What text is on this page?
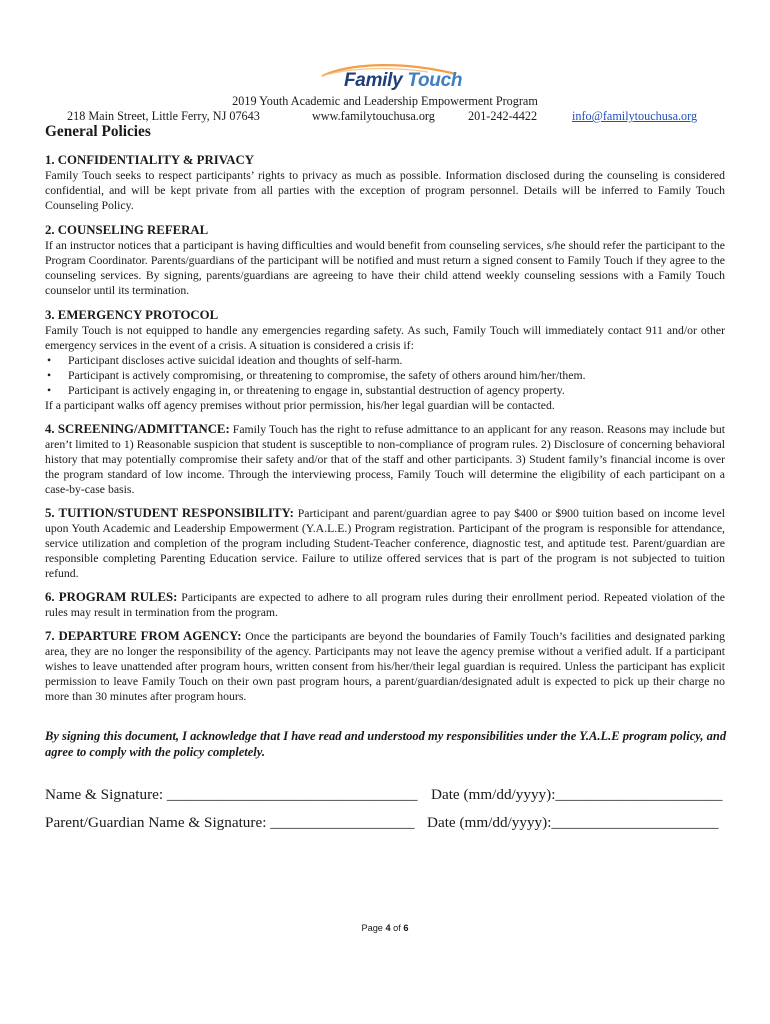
Family Touch
2019 Youth Academic and Leadership Empowerment Program
218 Main Street, Little Ferry, NJ 07643	www.familytouchusa.org	201-242-4422	info@familytouchusa.org
General Policies
1. CONFIDENTIALITY & PRIVACY

Family Touch seeks to respect participants’ rights to privacy as much as possible. Information disclosed during the counseling is considered confidential, and will be kept private from all parties with the exception of program personnel. Details will be inferred to Family Touch Counseling Policy.

2. COUNSELING REFERAL

If an instructor notices that a participant is having difficulties and would benefit from counseling services, s/he should refer the participant to the Program Coordinator. Parents/guardians of the participant will be notified and must return a signed consent to Family Touch if they agree to the counseling services. By signing, parents/guardians are agreeing to have their child attend weekly counseling sessions with a Family Touch counselor until its termination.

3. EMERGENCY PROTOCOL

Family Touch is not equipped to handle any emergencies regarding safety. As such, Family Touch will immediately contact 911 and/or other emergency services in the event of a crisis. A situation is considered a crisis if:

• Participant discloses active suicidal ideation and thoughts of self-harm.
• Participant is actively compromising, or threatening to compromise, the safety of others around him/her/them.
• Participant is actively engaging in, or threatening to engage in, substantial destruction of agency property.

If a participant walks off agency premises without prior permission, his/her legal guardian will be contacted.

4. SCREENING/ADMITTANCE: Family Touch has the right to refuse admittance to an applicant for any reason. Reasons may include but aren’t limited to 1) Reasonable suspicion that student is susceptible to non-compliance of program rules. 2) Disclosure of concerning behavioral history that may potentially compromise their safety and/or that of the staff and other participants. 3) Student family’s financial income is over the program standard of low income. Through the interviewing process, Family Touch will determine the eligibility of each participant on a case-by-case basis.

5. TUITION/STUDENT RESPONSIBILITY: Participant and parent/guardian agree to pay $400 or $900 tuition based on income level upon Youth Academic and Leadership Empowerment (Y.A.L.E.) Program registration. Participant of the program is responsible for attendance, service utilization and completion of the program including Student-Teacher conference, diagnostic test, and aptitude test. Parent/guardian are responsible completing Parenting Education service. Failure to utilize offered services that is part of the program is not subjected to tuition refund.

6. PROGRAM RULES: Participants are expected to adhere to all program rules during their enrollment period. Repeated violation of the rules may result in termination from the program.

7. DEPARTURE FROM AGENCY: Once the participants are beyond the boundaries of Family Touch’s facilities and designated parking area, they are no longer the responsibility of the agency. Participants may not leave the agency premise without a verified adult. If a participant wishes to leave unattended after program hours, written consent from his/her/their legal guardian is required. Unless the participant has explicit permission to leave Family Touch on their own past program hours, a parent/guardian/designated adult is expected to pick up their charge no more than 30 minutes after program hours.

By signing this document, I acknowledge that I have read and understood my responsibilities under the Y.A.L.E program policy, and agree to comply with the policy completely.
Name & Signature: _________________________________ Date (mm/dd/yyyy):______________________
Parent/Guardian Name & Signature: ___________________ Date (mm/dd/yyyy):______________________
Page 4 of 6
